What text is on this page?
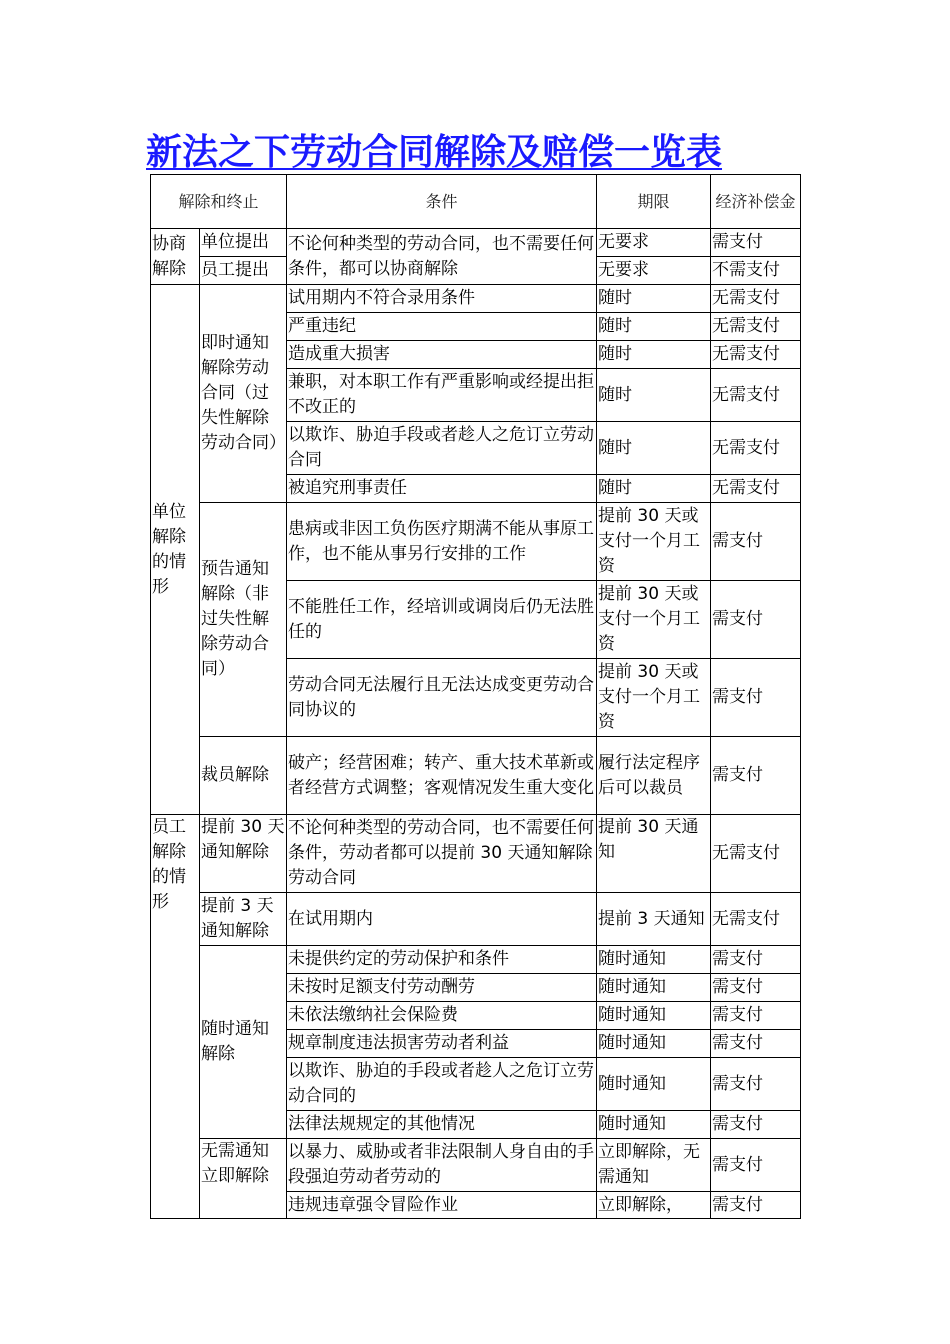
新法之下劳动合同解除及赔偿一览表
解除和终止		条件	期限	经济补偿金
协商解除	单位提出	不论何种类型的劳动合同，也不需要任何条件，都可以协商解除	无要求	需支付
	员工提出		无要求	不需支付
单位解除的情形	即时通知解除劳动合同（过失性解除劳动合同）	试用期内不符合录用条件	随时	无需支付
		严重违纪	随时	无需支付
		造成重大损害	随时	无需支付
		兼职，对本职工作有严重影响或经提出拒不改正的	随时	无需支付
		以欺诈、胁迫手段或者趁人之危订立劳动合同	随时	无需支付
		被追究刑事责任	随时	无需支付
	预告通知解除（非过失性解除劳动合同）	患病或非因工负伤医疗期满不能从事原工作，也不能从事另行安排的工作	提前 30 天或支付一个月工资	需支付
		不能胜任工作，经培训或调岗后仍无法胜任的	提前 30 天或支付一个月工资	需支付
		劳动合同无法履行且无法达成变更劳动合同协议的	提前 30 天或支付一个月工资	需支付
	裁员解除	破产；经营困难；转产、重大技术革新或者经营方式调整；客观情况发生重大变化	履行法定程序后可以裁员	需支付
员工解除的情形	提前 30 天通知解除	不论何种类型的劳动合同，也不需要任何条件，劳动者都可以提前 30 天通知解除劳动合同	提前 30 天通知	无需支付
	提前 3 天通知解除	在试用期内	提前 3 天通知	无需支付
	随时通知解除	未提供约定的劳动保护和条件	随时通知	需支付
		未按时足额支付劳动酬劳	随时通知	需支付
		未依法缴纳社会保险费	随时通知	需支付
		规章制度违法损害劳动者利益	随时通知	需支付
		以欺诈、胁迫的手段或者趁人之危订立劳动合同的	随时通知	需支付
		法律法规规定的其他情况	随时通知	需支付
	无需通知立即解除	以暴力、威胁或者非法限制人身自由的手段强迫劳动者劳动的	立即解除，无需通知	需支付
		违规违章强令冒险作业	立即解除，	需支付
